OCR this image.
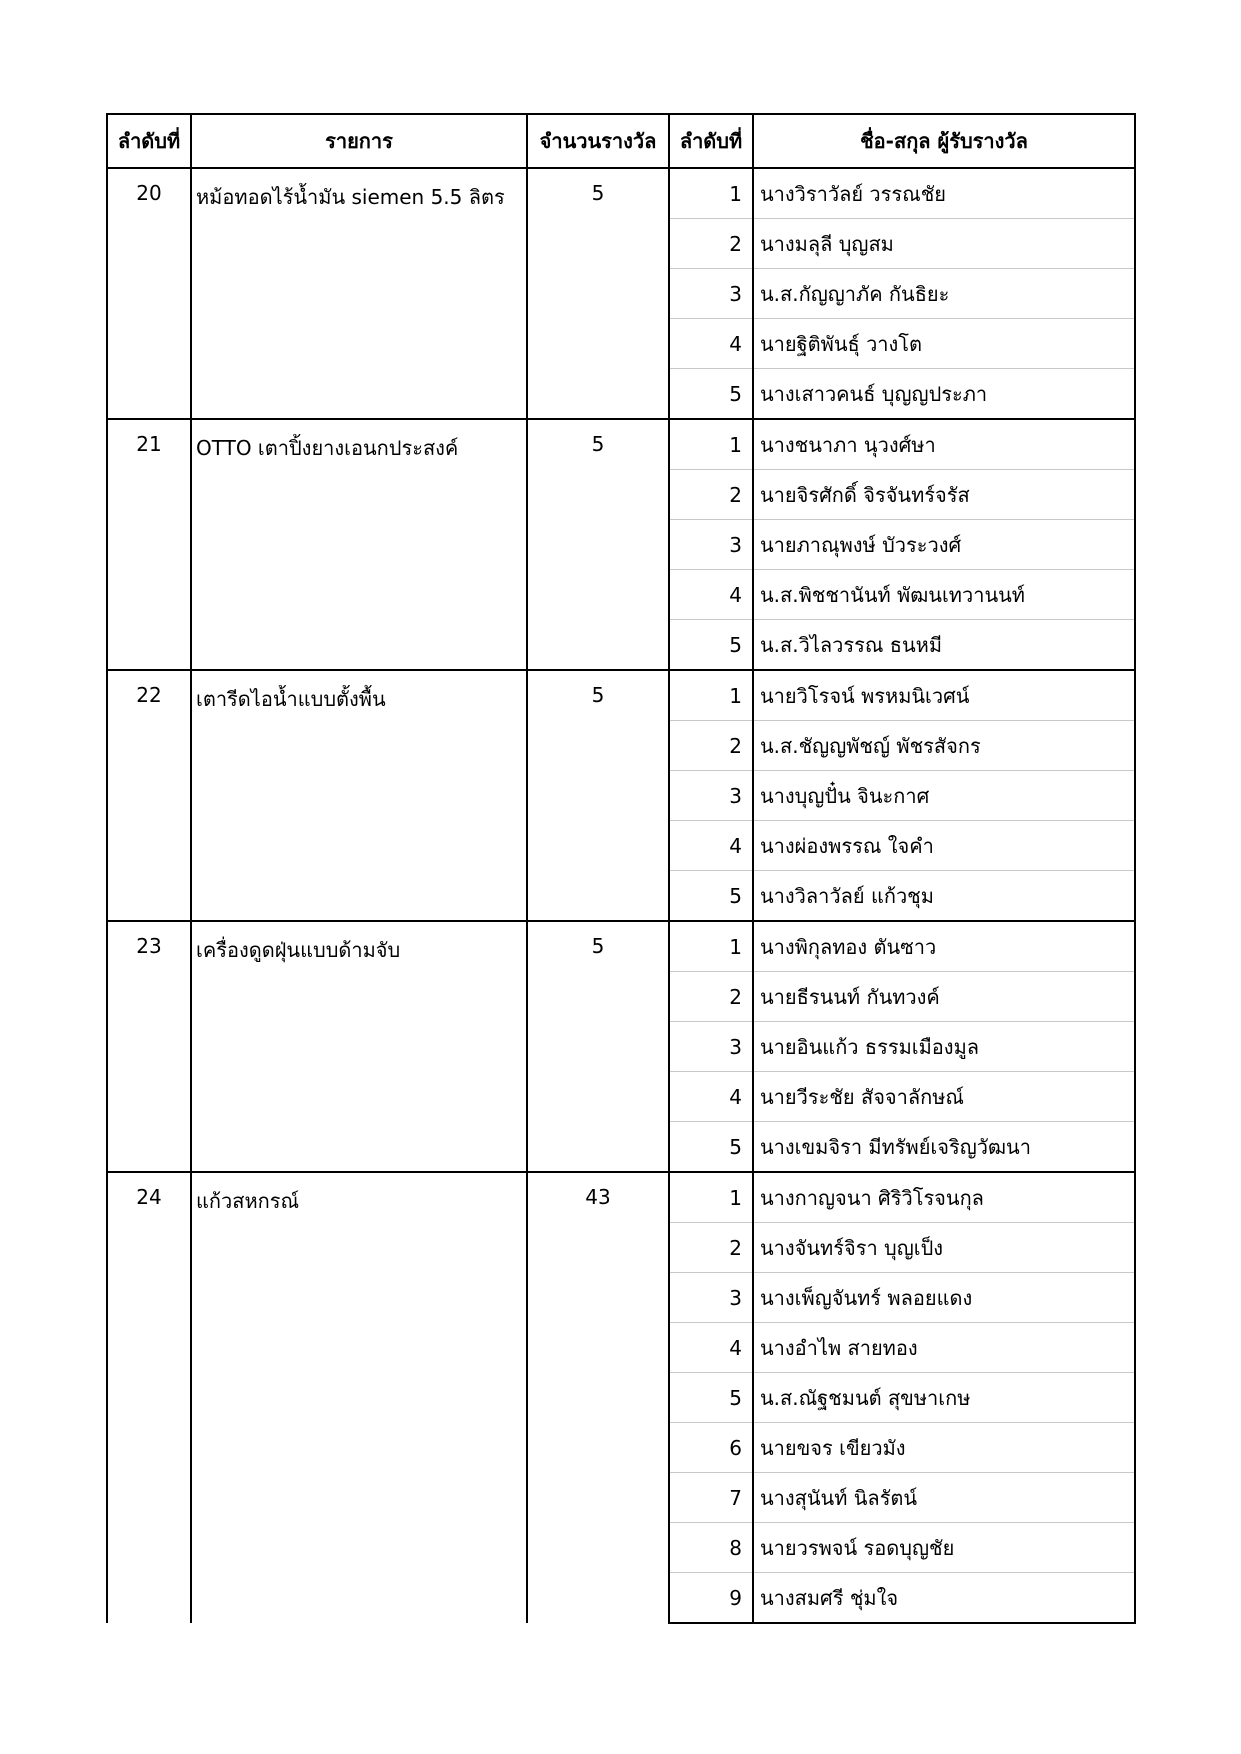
ลำดับที่	รายการ	จำนวนรางวัล	ลำดับที่	ชื่อ-สกุล ผู้รับรางวัล
20	หม้อทอดไร้น้ำมัน siemen 5.5 ลิตร	5	1	นางวิราวัลย์ วรรณชัย
			2	นางมลุลี บุญสม
			3	น.ส.กัญญาภัค กันธิยะ
			4	นายฐิติพันธุ์ วางโต
			5	นางเสาวคนธ์ บุญญประภา
21	OTTO เตาปิ้งยางเอนกประสงค์	5	1	นางชนาภา นุวงศ์ษา
			2	นายจิรศักดิ์ จิรจันทร์จรัส
			3	นายภาณุพงษ์ บัวระวงศ์
			4	น.ส.พิชชานันท์ พัฒนเทวานนท์
			5	น.ส.วิไลวรรณ ธนหมี
22	เตารีดไอน้ำแบบตั้งพื้น	5	1	นายวิโรจน์ พรหมนิเวศน์
			2	น.ส.ชัญญพัชญ์ พัชรสัจกร
			3	นางบุญปั๋น จินะกาศ
			4	นางผ่องพรรณ ใจคำ
			5	นางวิลาวัลย์ แก้วชุม
23	เครื่องดูดฝุ่นแบบด้ามจับ	5	1	นางพิกุลทอง ตันซาว
			2	นายธีรนนท์ กันทวงค์
			3	นายอินแก้ว ธรรมเมืองมูล
			4	นายวีระชัย สัจจาลักษณ์
			5	นางเขมจิรา มีทรัพย์เจริญวัฒนา
24	แก้วสหกรณ์	43	1	นางกาญจนา ศิริวิโรจนกุล
			2	นางจันทร์จิรา บุญเป็ง
			3	นางเพ็ญจันทร์ พลอยแดง
			4	นางอำไพ สายทอง
			5	น.ส.ณัฐชมนต์ สุขษาเกษ
			6	นายขจร เขียวมัง
			7	นางสุนันท์ นิลรัตน์
			8	นายวรพจน์ รอดบุญชัย
			9	นางสมศรี ชุ่มใจ
